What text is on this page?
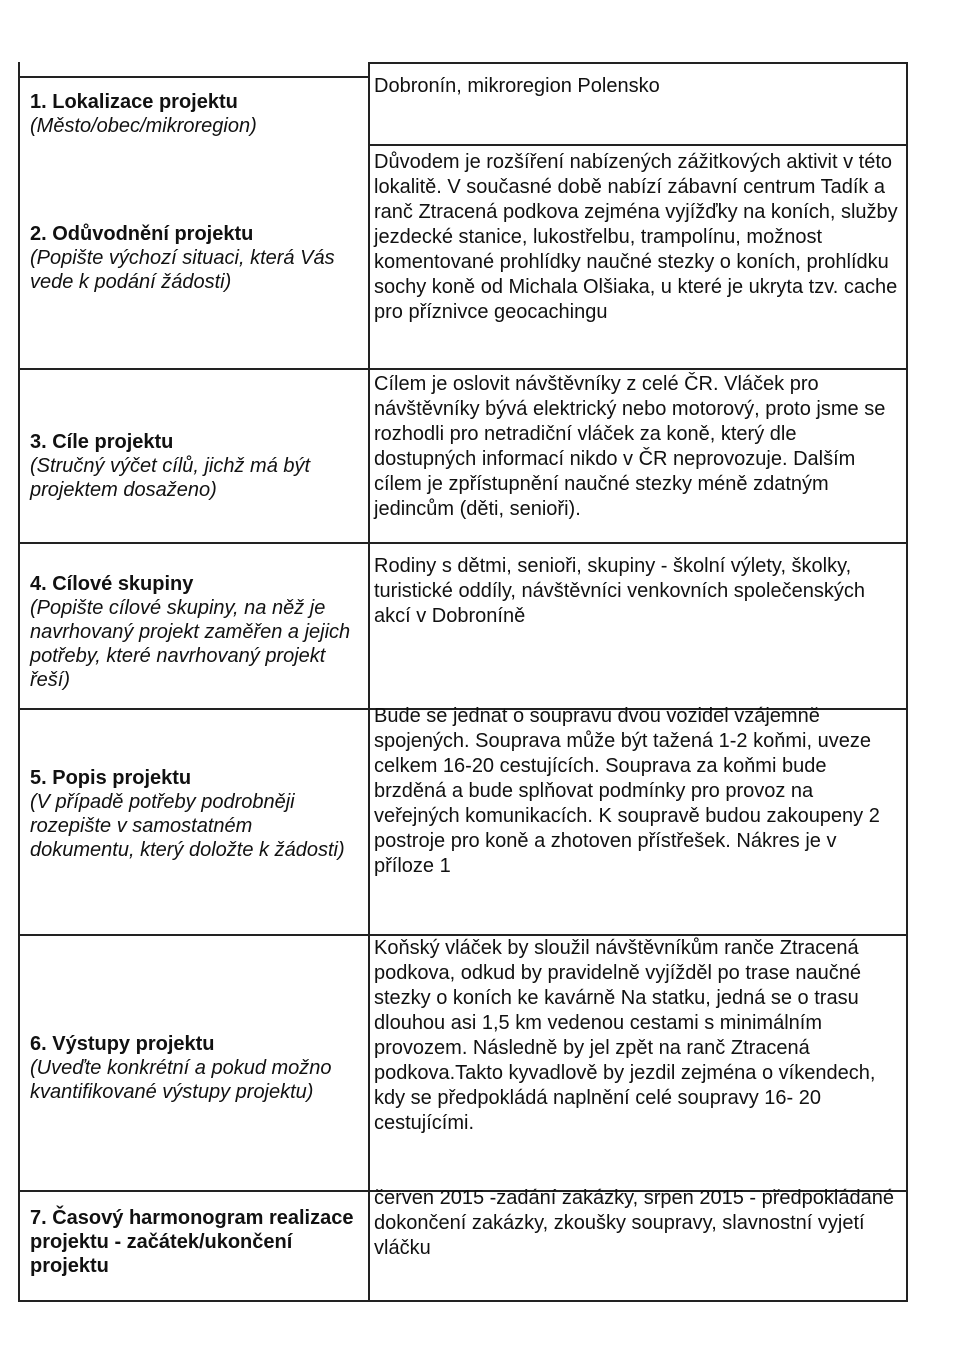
1. Lokalizace projektu
(Město/obec/mikroregion)
Dobronín, mikroregion Polensko
2. Odůvodnění projektu
(Popište výchozí situaci, která Vás vede k podání žádosti)
Důvodem je rozšíření nabízených zážitkových aktivit v této lokalitě. V současné době nabízí zábavní centrum Tadík a ranč Ztracená podkova zejména vyjížďky na koních, služby jezdecké stanice, lukostřelbu, trampolínu, možnost komentované prohlídky naučné stezky o koních, prohlídku sochy koně od Michala Olšiaka, u které je ukryta tzv. cache pro příznivce geocachingu
3. Cíle projektu
(Stručný výčet cílů, jichž má být projektem dosaženo)
Cílem je oslovit návštěvníky z celé ČR. Vláček pro návštěvníky bývá elektrický nebo motorový, proto jsme se rozhodli pro netradiční vláček za koně, který dle dostupných informací nikdo v ČR neprovozuje. Dalším cílem je zpřístupnění naučné stezky méně zdatným jedincům (děti, senioři).
4. Cílové skupiny
(Popište cílové skupiny, na něž je navrhovaný projekt zaměřen a jejich potřeby, které navrhovaný projekt řeší)
Rodiny s dětmi, senioři, skupiny - školní výlety, školky, turistické oddíly, návštěvníci venkovních společenských akcí v Dobroníně
5. Popis projektu
(V případě potřeby podrobněji rozepište v samostatném dokumentu, který doložte k žádosti)
Bude se jednat o soupravu dvou vozidel vzájemně spojených. Souprava může být tažená 1-2 koňmi, uveze celkem 16-20 cestujících. Souprava za koňmi bude brzděná a bude splňovat podmínky pro provoz na veřejných komunikacích. K soupravě budou zakoupeny 2 postroje pro koně a zhotoven přístřešek. Nákres je v příloze 1
6. Výstupy projektu
(Uveďte konkrétní a pokud možno kvantifikované výstupy projektu)
Koňský vláček by sloužil návštěvníkům ranče Ztracená podkova, odkud by pravidelně vyjížděl po trase naučné stezky o koních ke kavárně Na statku, jedná se o trasu dlouhou asi 1,5 km vedenou cestami s minimálním provozem. Následně by jel zpět na ranč Ztracená podkova.Takto kyvadlově by jezdil zejména o víkendech, kdy se předpokládá naplnění celé soupravy 16- 20 cestujícími.
7. Časový harmonogram realizace projektu - začátek/ukončení projektu
červen 2015 -zadání zakázky, srpen 2015 - předpokládané dokončení zakázky, zkoušky soupravy, slavnostní vyjetí vláčku
